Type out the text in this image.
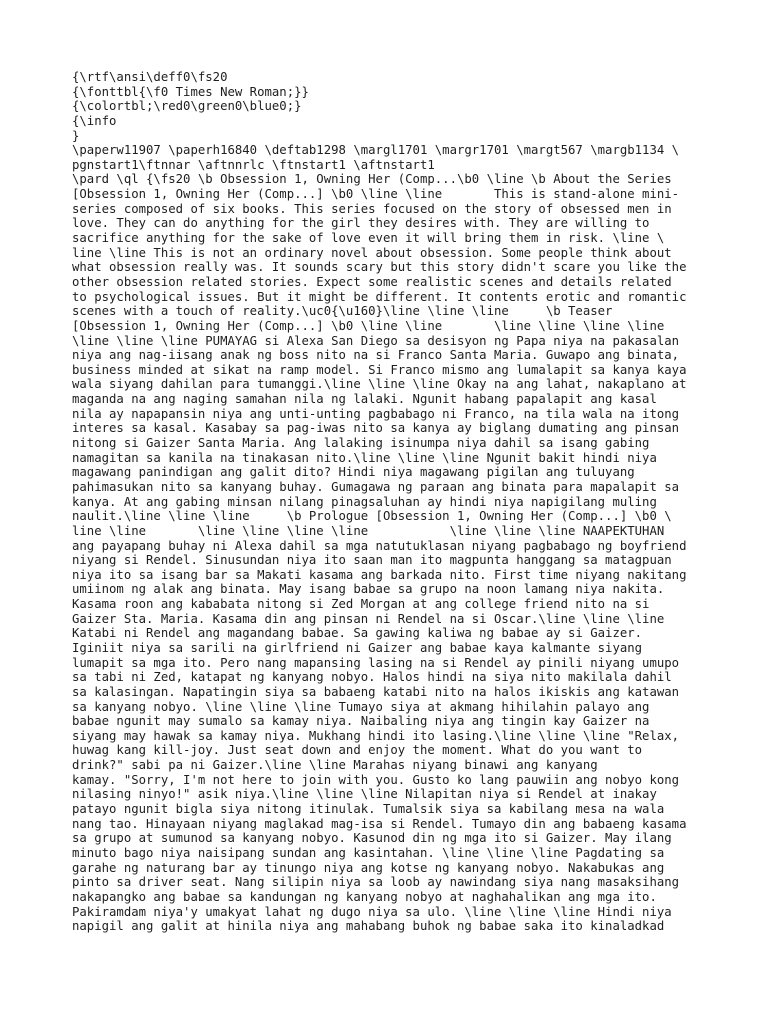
{\rtf\ansi\deff0\fs20
{\fonttbl{\f0 Times New Roman;}}
{\colortbl;\red0\green0\blue0;}
{\info
}
\paperw11907 \paperh16840 \deftab1298 \margl1701 \margr1701 \margt567 \margb1134 \
pgnstart1\ftnnar \aftnnrlc \ftnstart1 \aftnstart1
\pard \ql {\fs20 \b Obsession 1, Owning Her (Comp...\b0 \line \b About the Series
[Obsession 1, Owning Her (Comp...] \b0 \line \line       This is stand-alone mini-
series composed of six books. This series focused on the story of obsessed men in
love. They can do anything for the girl they desires with. They are willing to
sacrifice anything for the sake of love even it will bring them in risk. \line \
line \line This is not an ordinary novel about obsession. Some people think about
what obsession really was. It sounds scary but this story didn't scare you like the
other obsession related stories. Expect some realistic scenes and details related
to psychological issues. But it might be different. It contents erotic and romantic
scenes with a touch of reality.\uc0{\u160}\line \line \line     \b Teaser
[Obsession 1, Owning Her (Comp...] \b0 \line \line       \line \line \line \line
\line \line \line PUMAYAG si Alexa San Diego sa desisyon ng Papa niya na pakasalan
niya ang nag-iisang anak ng boss nito na si Franco Santa Maria. Guwapo ang binata,
business minded at sikat na ramp model. Si Franco mismo ang lumalapit sa kanya kaya
wala siyang dahilan para tumanggi.\line \line \line Okay na ang lahat, nakaplano at
maganda na ang naging samahan nila ng lalaki. Ngunit habang papalapit ang kasal
nila ay napapansin niya ang unti-unting pagbabago ni Franco, na tila wala na itong
interes sa kasal. Kasabay sa pag-iwas nito sa kanya ay biglang dumating ang pinsan
nitong si Gaizer Santa Maria. Ang lalaking isinumpa niya dahil sa isang gabing
namagitan sa kanila na tinakasan nito.\line \line \line Ngunit bakit hindi niya
magawang panindigan ang galit dito? Hindi niya magawang pigilan ang tuluyang
pahimasukan nito sa kanyang buhay. Gumagawa ng paraan ang binata para mapalapit sa
kanya. At ang gabing minsan nilang pinagsaluhan ay hindi niya napigilang muling
naulit.\line \line \line     \b Prologue [Obsession 1, Owning Her (Comp...] \b0 \
line \line       \line \line \line \line           \line \line \line NAAPEKTUHAN
ang payapang buhay ni Alexa dahil sa mga natutuklasan niyang pagbabago ng boyfriend
niyang si Rendel. Sinusundan niya ito saan man ito magpunta hanggang sa matagpuan
niya ito sa isang bar sa Makati kasama ang barkada nito. First time niyang nakitang
umiinom ng alak ang binata. May isang babae sa grupo na noon lamang niya nakita.
Kasama roon ang kababata nitong si Zed Morgan at ang college friend nito na si
Gaizer Sta. Maria. Kasama din ang pinsan ni Rendel na si Oscar.\line \line \line
Katabi ni Rendel ang magandang babae. Sa gawing kaliwa ng babae ay si Gaizer.
Iginiit niya sa sarili na girlfriend ni Gaizer ang babae kaya kalmante siyang
lumapit sa mga ito. Pero nang mapansing lasing na si Rendel ay pinili niyang umupo
sa tabi ni Zed, katapat ng kanyang nobyo. Halos hindi na siya nito makilala dahil
sa kalasingan. Napatingin siya sa babaeng katabi nito na halos ikiskis ang katawan
sa kanyang nobyo. \line \line \line Tumayo siya at akmang hihilahin palayo ang
babae ngunit may sumalo sa kamay niya. Naibaling niya ang tingin kay Gaizer na
siyang may hawak sa kamay niya. Mukhang hindi ito lasing.\line \line \line "Relax,
huwag kang kill-joy. Just seat down and enjoy the moment. What do you want to
drink?" sabi pa ni Gaizer.\line \line Marahas niyang binawi ang kanyang
kamay. "Sorry, I'm not here to join with you. Gusto ko lang pauwiin ang nobyo kong
nilasing ninyo!" asik niya.\line \line \line Nilapitan niya si Rendel at inakay
patayo ngunit bigla siya nitong itinulak. Tumalsik siya sa kabilang mesa na wala
nang tao. Hinayaan niyang maglakad mag-isa si Rendel. Tumayo din ang babaeng kasama
sa grupo at sumunod sa kanyang nobyo. Kasunod din ng mga ito si Gaizer. May ilang
minuto bago niya naisipang sundan ang kasintahan. \line \line \line Pagdating sa
garahe ng naturang bar ay tinungo niya ang kotse ng kanyang nobyo. Nakabukas ang
pinto sa driver seat. Nang silipin niya sa loob ay nawindang siya nang masaksihang
nakapangko ang babae sa kandungan ng kanyang nobyo at naghahalikan ang mga ito.
Pakiramdam niya'y umakyat lahat ng dugo niya sa ulo. \line \line \line Hindi niya
napigil ang galit at hinila niya ang mahabang buhok ng babae saka ito kinaladkad
